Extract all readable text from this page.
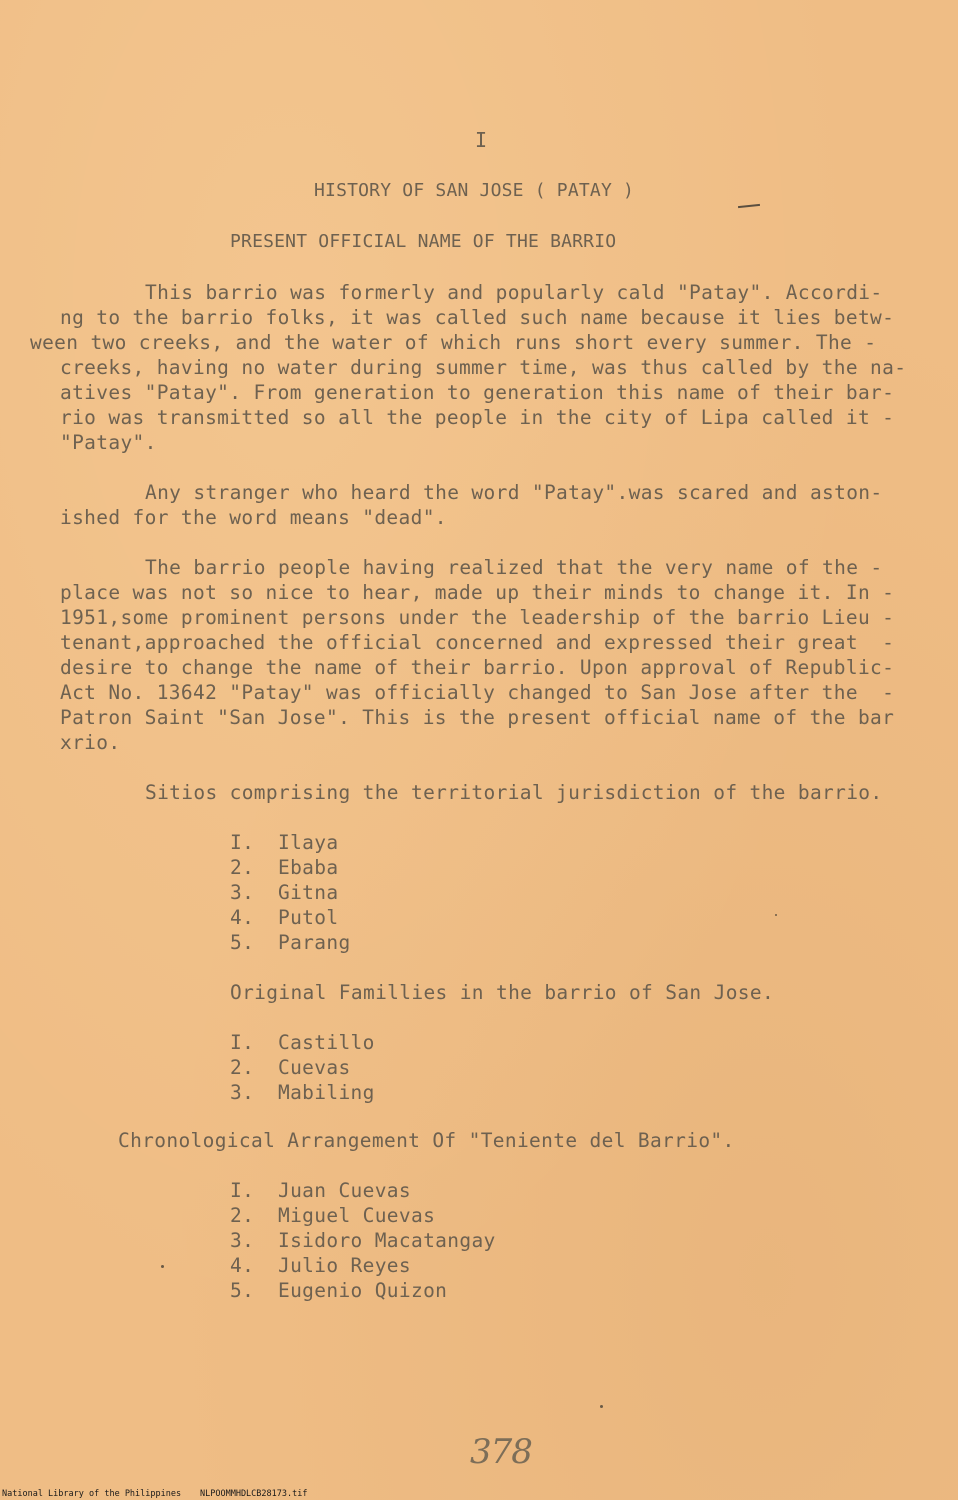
I
HISTORY OF SAN JOSE ( PATAY )
PRESENT OFFICIAL NAME OF THE BARRIO
This barrio was formerly and popularly cald "Patay". Accordi-
ng to the barrio folks, it was called such name because it lies betw-
ween two creeks, and the water of which runs short every summer. The -
creeks, having no water during summer time, was thus called by the na-
atives "Patay". From generation to generation this name of their bar-
rio was transmitted so all the people in the city of Lipa called it -
"Patay".
Any stranger who heard the word "Patay".was scared and aston-
ished for the word means "dead".
The barrio people having realized that the very name of the -
place was not so nice to hear, made up their minds to change it. In -
1951,some prominent persons under the leadership of the barrio Lieu -
tenant,approached the official concerned and expressed their great  -
desire to change the name of their barrio. Upon approval of Republic-
Act No. 13642 "Patay" was officially changed to San Jose after the  -
Patron Saint "San Jose". This is the present official name of the bar
xrio.
Sitios comprising the territorial jurisdiction of the barrio.
I. Ilaya
2. Ebaba
3. Gitna
4. Putol
5. Parang
Original Famillies in the barrio of San Jose.
I. Castillo
2. Cuevas
3. Mabiling
Chronological Arrangement Of "Teniente del Barrio".
I. Juan Cuevas
2. Miguel Cuevas
3. Isidoro Macatangay
4. Julio Reyes
5. Eugenio Quizon
378
National Library of the Philippines NLPOOMMHDLCB28173.tif
